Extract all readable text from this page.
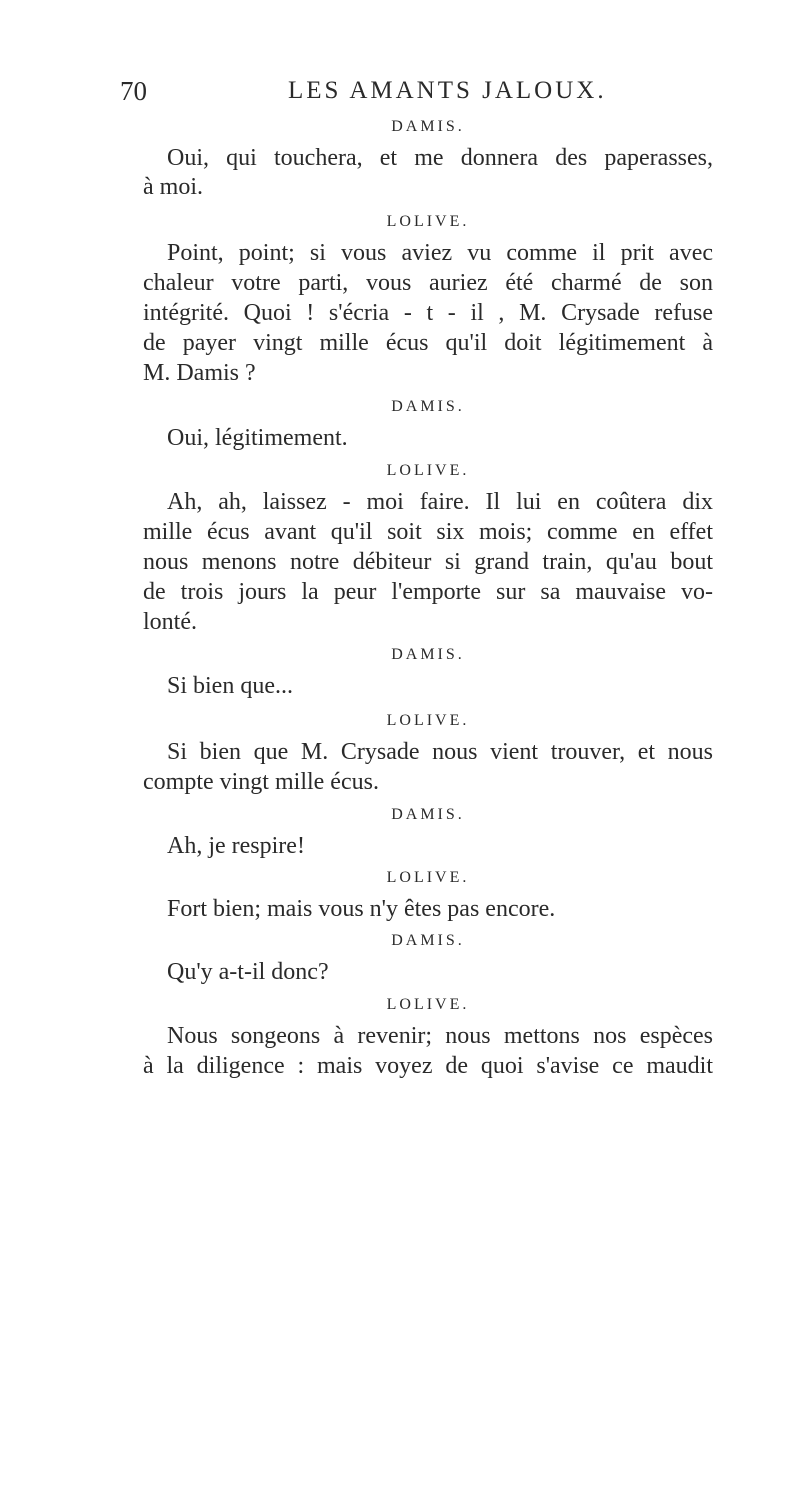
70	LES AMANTS JALOUX.
DAMIS.
Oui, qui touchera, et me donnera des paperasses,
à moi.
LOLIVE.
Point, point; si vous aviez vu comme il prit avec
chaleur votre parti, vous auriez été charmé de son
intégrité. Quoi ! s'écria - t - il , M. Crysade refuse
de payer vingt mille écus qu'il doit légitimement à
M. Damis ?
DAMIS.
Oui, légitimement.
LOLIVE.
Ah, ah, laissez - moi faire. Il lui en coûtera dix
mille écus avant qu'il soit six mois; comme en effet
nous menons notre débiteur si grand train, qu'au bout
de trois jours la peur l'emporte sur sa mauvaise vo-
lonté.
DAMIS.
Si bien que...
LOLIVE.
Si bien que M. Crysade nous vient trouver, et nous
compte vingt mille écus.
DAMIS.
Ah, je respire!
LOLIVE.
Fort bien; mais vous n'y êtes pas encore.
DAMIS.
Qu'y a-t-il donc?
LOLIVE.
Nous songeons à revenir; nous mettons nos espèces
à la diligence : mais voyez de quoi s'avise ce maudit
